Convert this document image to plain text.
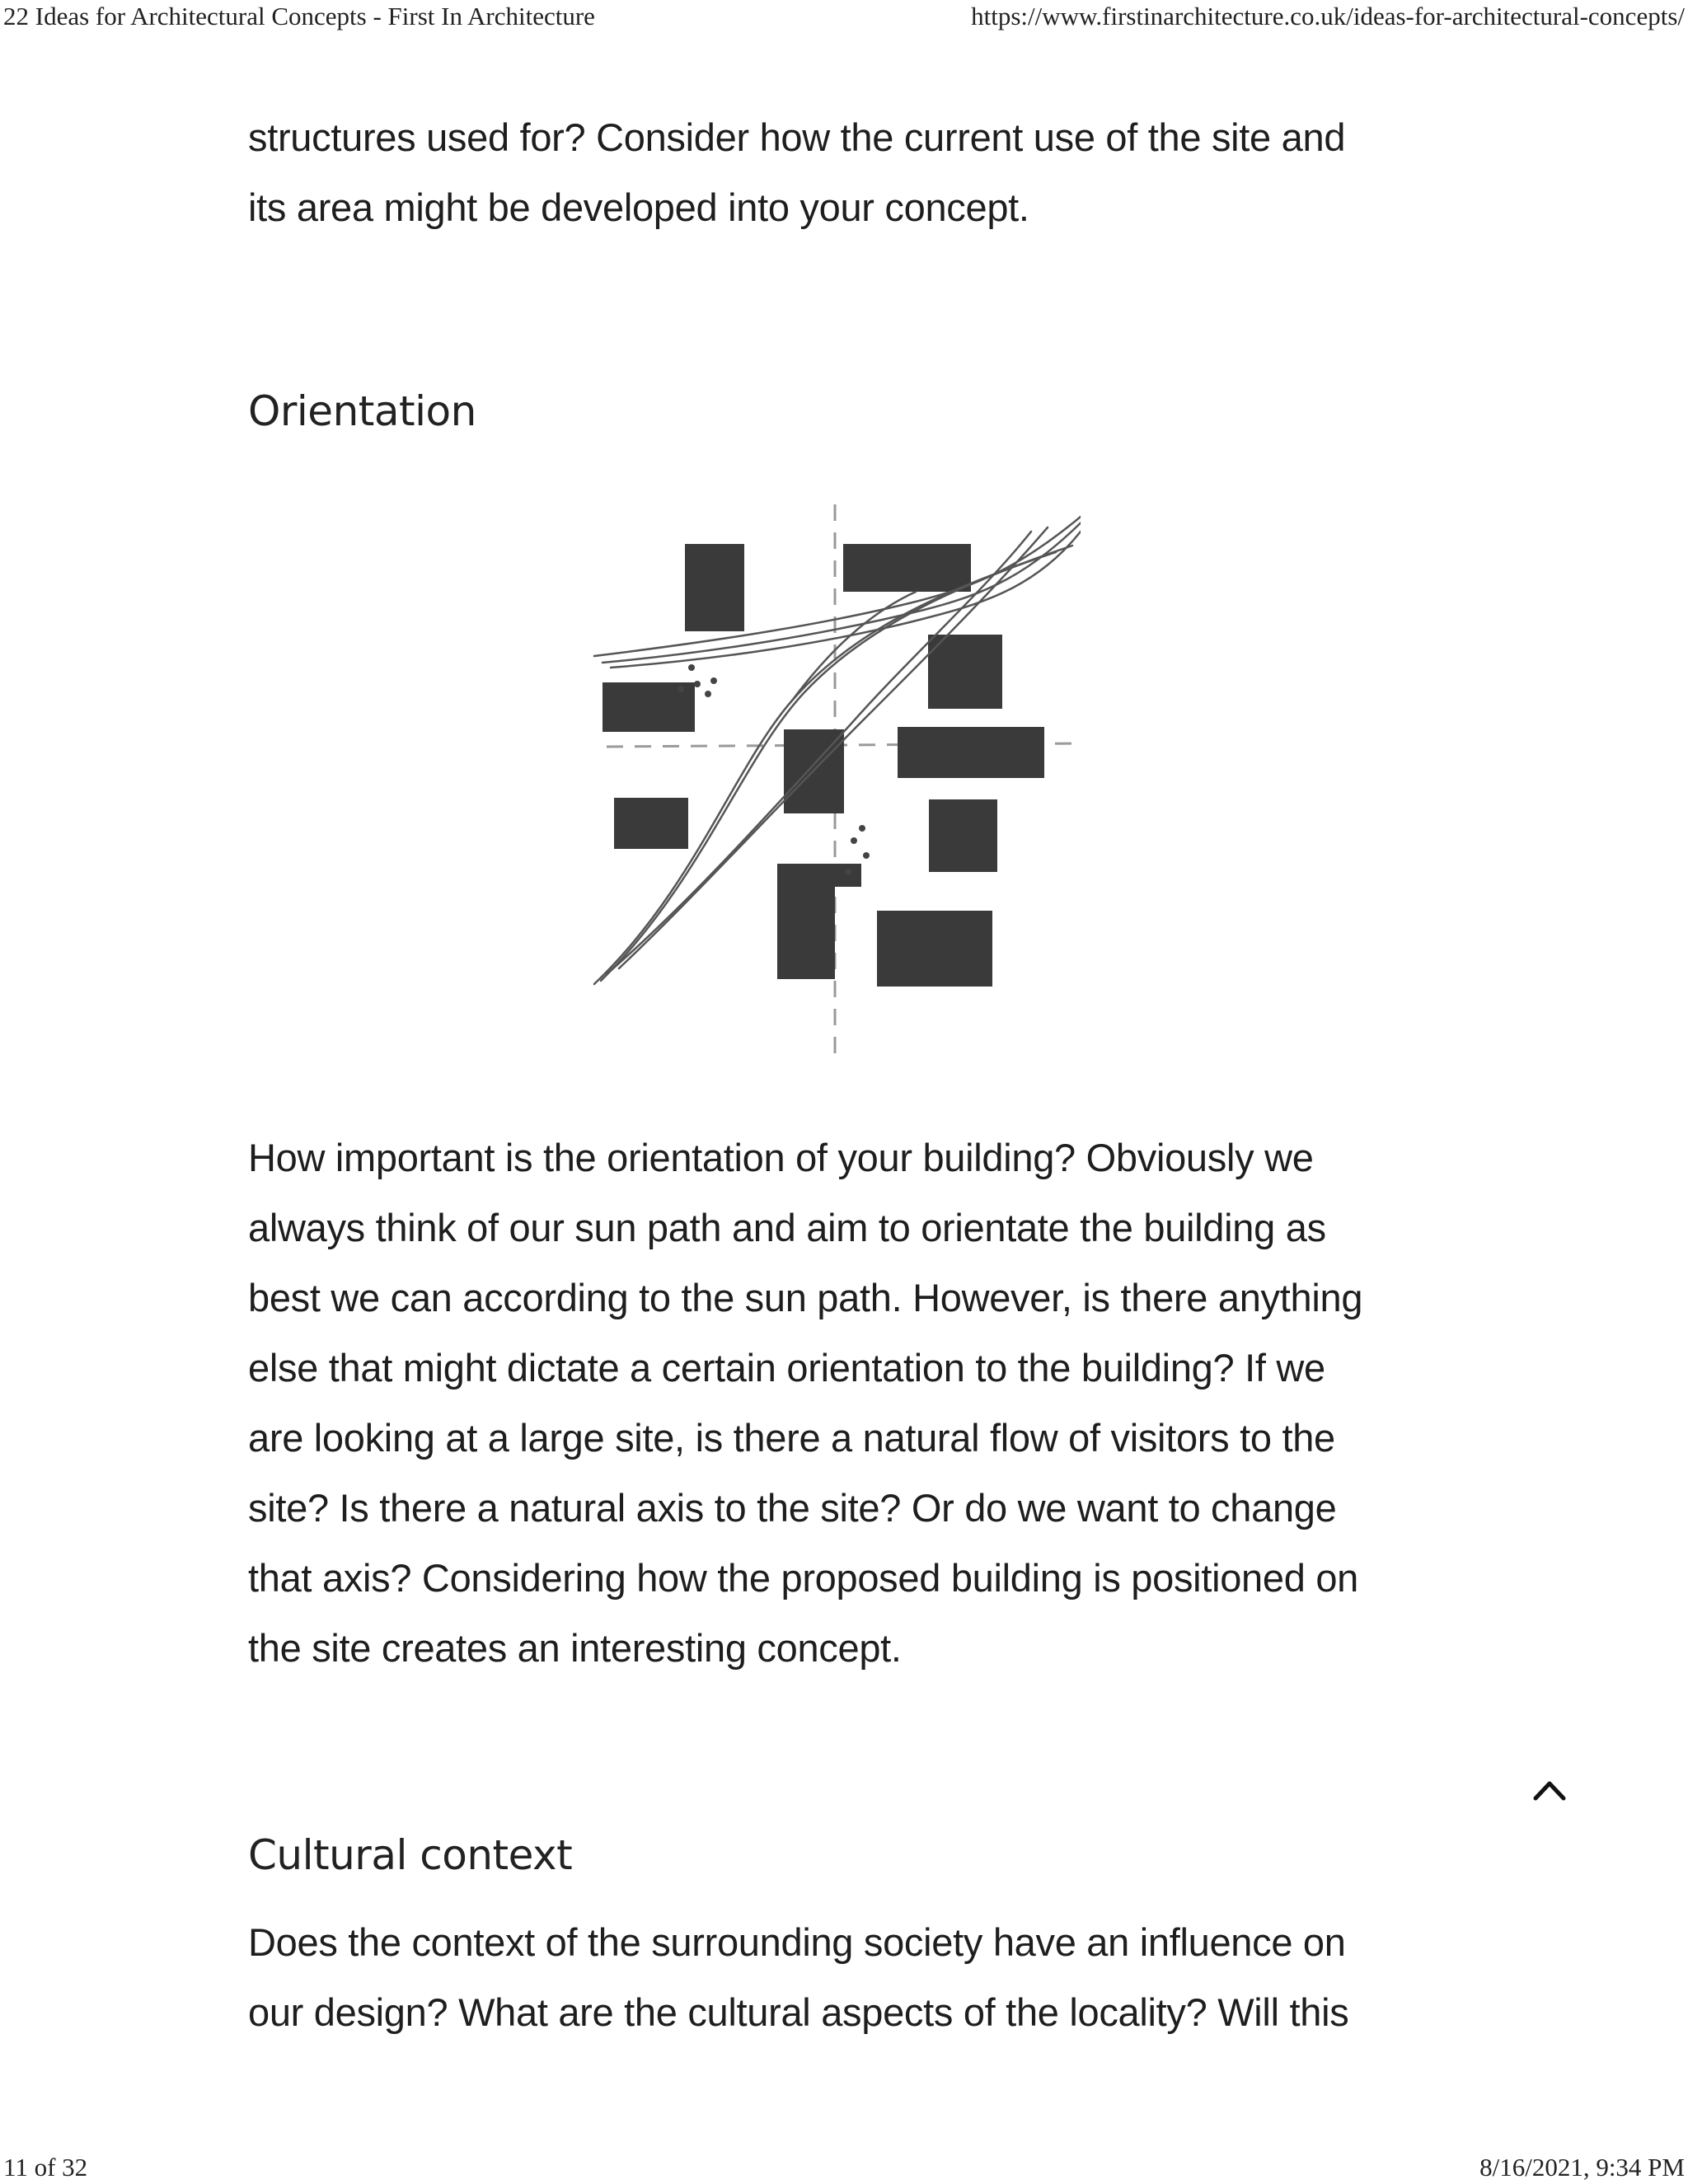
22 Ideas for Architectural Concepts - First In Architecture	https://www.firstinarchitecture.co.uk/ideas-for-architectural-concepts/

structures used for? Consider how the current use of the site and
its area might be developed into your concept.

Orientation

How important is the orientation of your building? Obviously we
always think of our sun path and aim to orientate the building as
best we can according to the sun path. However, is there anything
else that might dictate a certain orientation to the building? If we
are looking at a large site, is there a natural flow of visitors to the
site? Is there a natural axis to the site? Or do we want to change
that axis? Considering how the proposed building is positioned on
the site creates an interesting concept.

Cultural context

Does the context of the surrounding society have an influence on
our design? What are the cultural aspects of the locality? Will this

11 of 32	8/16/2021, 9:34 PM
